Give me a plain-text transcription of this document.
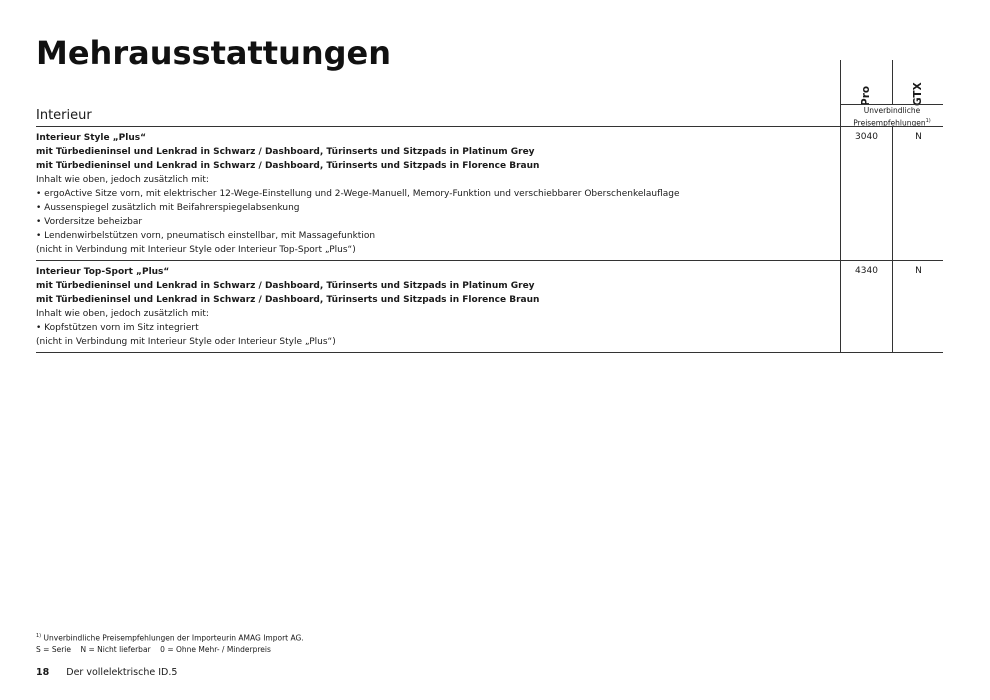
Mehrausstattungen
Pro	GTX
Interieur	Unverbindliche Preisempfehlungen$^{1)}$
Interieur Style „Plus“
mit Türbedieninsel und Lenkrad in Schwarz / Dashboard, Türinserts und Sitzpads in Platinum Grey
mit Türbedieninsel und Lenkrad in Schwarz / Dashboard, Türinserts und Sitzpads in Florence Braun
Inhalt wie oben, jedoch zusätzlich mit:
• ergoActive Sitze vorn, mit elektrischer 12-Wege-Einstellung und 2-Wege-Manuell, Memory-Funktion und verschiebbarer Oberschenkelauflage
• Aussenspiegel zusätzlich mit Beifahrerspiegelabsenkung
• Vordersitze beheizbar
• Lendenwirbelstützen vorn, pneumatisch einstellbar, mit Massagefunktion
(nicht in Verbindung mit Interieur Style oder Interieur Top-Sport „Plus“)
3040	N
Interieur Top-Sport „Plus“
mit Türbedieninsel und Lenkrad in Schwarz / Dashboard, Türinserts und Sitzpads in Platinum Grey
mit Türbedieninsel und Lenkrad in Schwarz / Dashboard, Türinserts und Sitzpads in Florence Braun
Inhalt wie oben, jedoch zusätzlich mit:
• Kopfstützen vorn im Sitz integriert
(nicht in Verbindung mit Interieur Style oder Interieur Style „Plus“)
4340	N
$^{1)}$ Unverbindliche Preisempfehlungen der Importeurin AMAG Import AG.
S = Serie    N = Nicht lieferbar    0 = Ohne Mehr- / Minderpreis
18 Der vollelektrische ID.5
